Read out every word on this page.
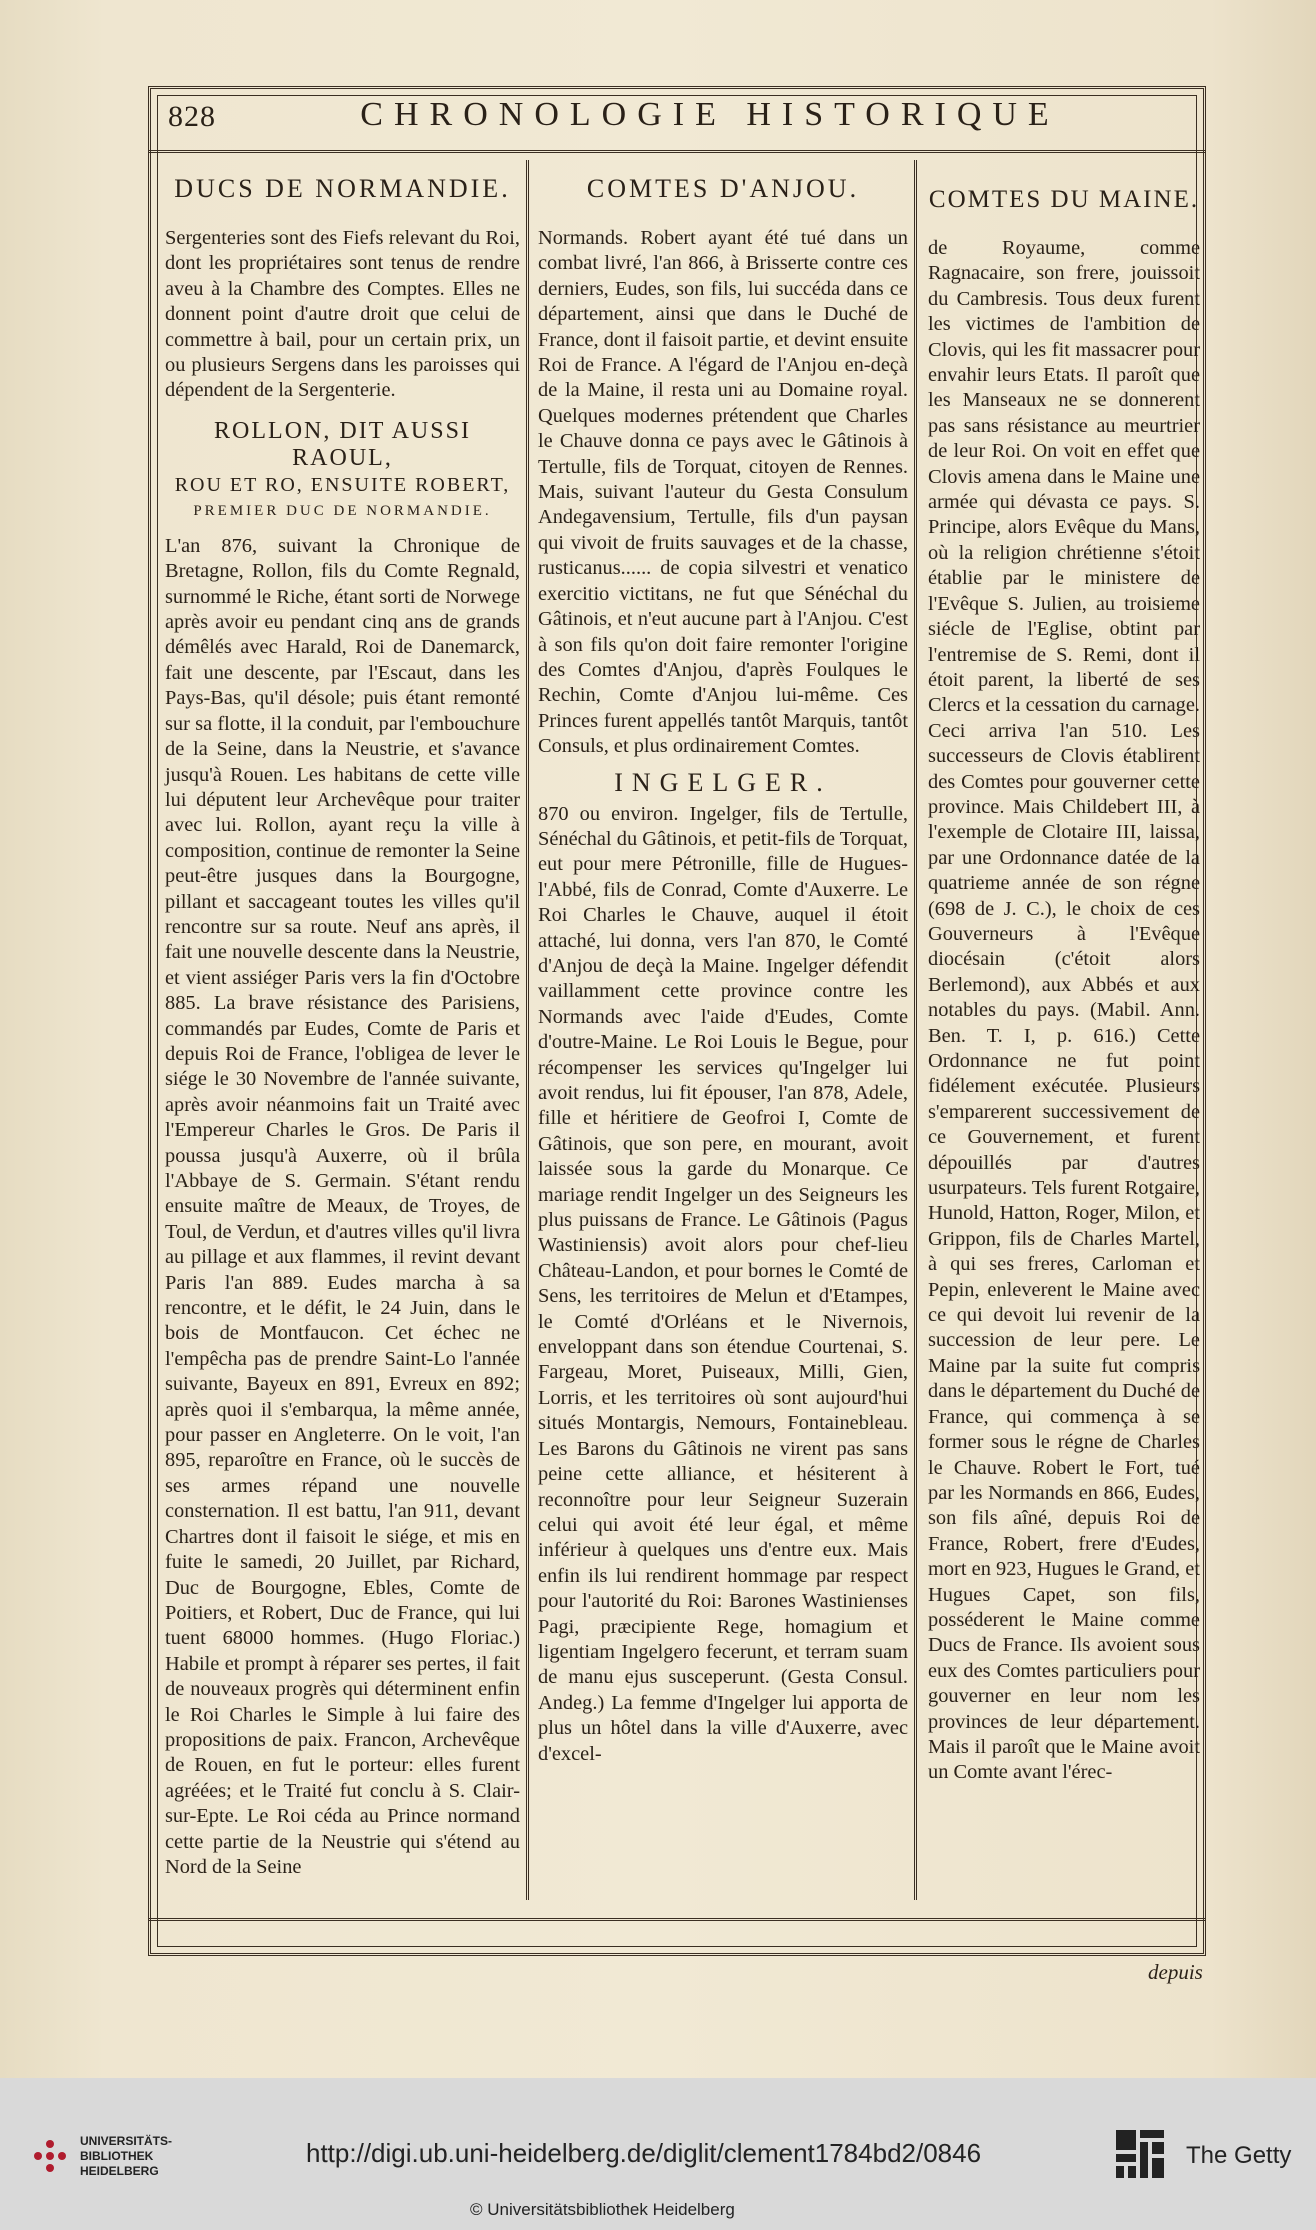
828	CHRONOLOGIE HISTORIQUE
DUCS DE NORMANDIE.

Sergenteries sont des Fiefs relevant du Roi, dont les propriétaires sont tenus de rendre aveu à la Chambre des Comptes. Elles ne donnent point d'autre droit que celui de commettre à bail, pour un certain prix, un ou plusieurs Sergens dans les paroisses qui dépendent de la Sergenterie.

ROLLON, DIT AUSSI RAOUL,
ROU ET RO, ENSUITE ROBERT,
PREMIER DUC DE NORMANDIE.

L'an 876, suivant la Chronique de Bretagne, Rollon, fils du Comte Regnald, surnommé le Riche, étant sorti de Norwege après avoir eu pendant cinq ans de grands démêlés avec Harald, Roi de Danemarck, fait une descente, par l'Escaut, dans les Pays-Bas, qu'il désole; puis étant remonté sur sa flotte, il la conduit, par l'embouchure de la Seine, dans la Neustrie, et s'avance jusqu'à Rouen. Les habitans de cette ville lui députent leur Archevêque pour traiter avec lui. Rollon, ayant reçu la ville à composition, continue de remonter la Seine peut-être jusques dans la Bourgogne, pillant et saccageant toutes les villes qu'il rencontre sur sa route. Neuf ans après, il fait une nouvelle descente dans la Neustrie, et vient assiéger Paris vers la fin d'Octobre 885. La brave résistance des Parisiens, commandés par Eudes, Comte de Paris et depuis Roi de France, l'obligea de lever le siége le 30 Novembre de l'année suivante, après avoir néanmoins fait un Traité avec l'Empereur Charles le Gros. De Paris il poussa jusqu'à Auxerre, où il brûla l'Abbaye de S. Germain. S'étant rendu ensuite maître de Meaux, de Troyes, de Toul, de Verdun, et d'autres villes qu'il livra au pillage et aux flammes, il revint devant Paris l'an 889. Eudes marcha à sa rencontre, et le défit, le 24 Juin, dans le bois de Montfaucon. Cet échec ne l'empêcha pas de prendre Saint-Lo l'année suivante, Bayeux en 891, Evreux en 892; après quoi il s'embarqua, la même année, pour passer en Angleterre. On le voit, l'an 895, reparoître en France, où le succès de ses armes répand une nouvelle consternation. Il est battu, l'an 911, devant Chartres dont il faisoit le siége, et mis en fuite le samedi, 20 Juillet, par Richard, Duc de Bourgogne, Ebles, Comte de Poitiers, et Robert, Duc de France, qui lui tuent 68000 hommes. (Hugo Floriac.) Habile et prompt à réparer ses pertes, il fait de nouveaux progrès qui déterminent enfin le Roi Charles le Simple à lui faire des propositions de paix. Francon, Archevêque de Rouen, en fut le porteur: elles furent agréées; et le Traité fut conclu à S. Clair-sur-Epte. Le Roi céda au Prince normand cette partie de la Neustrie qui s'étend au Nord de la Seine

COMTES D'ANJOU.

Normands. Robert ayant été tué dans un combat livré, l'an 866, à Brisserte contre ces derniers, Eudes, son fils, lui succéda dans ce département, ainsi que dans le Duché de France, dont il faisoit partie, et devint ensuite Roi de France. A l'égard de l'Anjou en-deçà de la Maine, il resta uni au Domaine royal. Quelques modernes prétendent que Charles le Chauve donna ce pays avec le Gâtinois à Tertulle, fils de Torquat, citoyen de Rennes. Mais, suivant l'auteur du Gesta Consulum Andegavensium, Tertulle, fils d'un paysan qui vivoit de fruits sauvages et de la chasse, rusticanus...... de copia silvestri et venatico exercitio victitans, ne fut que Sénéchal du Gâtinois, et n'eut aucune part à l'Anjou. C'est à son fils qu'on doit faire remonter l'origine des Comtes d'Anjou, d'après Foulques le Rechin, Comte d'Anjou lui-même. Ces Princes furent appellés tantôt Marquis, tantôt Consuls, et plus ordinairement Comtes.

INGELGER.

870 ou environ. Ingelger, fils de Tertulle, Sénéchal du Gâtinois, et petit-fils de Torquat, eut pour mere Pétronille, fille de Hugues-l'Abbé, fils de Conrad, Comte d'Auxerre. Le Roi Charles le Chauve, auquel il étoit attaché, lui donna, vers l'an 870, le Comté d'Anjou de deçà la Maine. Ingelger défendit vaillamment cette province contre les Normands avec l'aide d'Eudes, Comte d'outre-Maine. Le Roi Louis le Begue, pour récompenser les services qu'Ingelger lui avoit rendus, lui fit épouser, l'an 878, Adele, fille et héritiere de Geofroi I, Comte de Gâtinois, que son pere, en mourant, avoit laissée sous la garde du Monarque. Ce mariage rendit Ingelger un des Seigneurs les plus puissans de France. Le Gâtinois (Pagus Wastiniensis) avoit alors pour chef-lieu Château-Landon, et pour bornes le Comté de Sens, les territoires de Melun et d'Etampes, le Comté d'Orléans et le Nivernois, enveloppant dans son étendue Courtenai, S. Fargeau, Moret, Puiseaux, Milli, Gien, Lorris, et les territoires où sont aujourd'hui situés Montargis, Nemours, Fontainebleau. Les Barons du Gâtinois ne virent pas sans peine cette alliance, et hésiterent à reconnoître pour leur Seigneur Suzerain celui qui avoit été leur égal, et même inférieur à quelques uns d'entre eux. Mais enfin ils lui rendirent hommage par respect pour l'autorité du Roi: Barones Wastinienses Pagi, præcipiente Rege, homagium et ligentiam Ingelgero fecerunt, et terram suam de manu ejus susceperunt. (Gesta Consul. Andeg.) La femme d'Ingelger lui apporta de plus un hôtel dans la ville d'Auxerre, avec d'excel-

COMTES DU MAINE.

de Royaume, comme Ragnacaire, son frere, jouissoit du Cambresis. Tous deux furent les victimes de l'ambition de Clovis, qui les fit massacrer pour envahir leurs Etats. Il paroît que les Manseaux ne se donnerent pas sans résistance au meurtrier de leur Roi. On voit en effet que Clovis amena dans le Maine une armée qui dévasta ce pays. S. Principe, alors Evêque du Mans, où la religion chrétienne s'étoit établie par le ministere de l'Evêque S. Julien, au troisieme siécle de l'Eglise, obtint par l'entremise de S. Remi, dont il étoit parent, la liberté de ses Clercs et la cessation du carnage. Ceci arriva l'an 510. Les successeurs de Clovis établirent des Comtes pour gouverner cette province. Mais Childebert III, à l'exemple de Clotaire III, laissa, par une Ordonnance datée de la quatrieme année de son régne (698 de J. C.), le choix de ces Gouverneurs à l'Evêque diocésain (c'étoit alors Berlemond), aux Abbés et aux notables du pays. (Mabil. Ann. Ben. T. I, p. 616.) Cette Ordonnance ne fut point fidélement exécutée. Plusieurs s'emparerent successivement de ce Gouvernement, et furent dépouillés par d'autres usurpateurs. Tels furent Rotgaire, Hunold, Hatton, Roger, Milon, et Grippon, fils de Charles Martel, à qui ses freres, Carloman et Pepin, enleverent le Maine avec ce qui devoit lui revenir de la succession de leur pere. Le Maine par la suite fut compris dans le département du Duché de France, qui commença à se former sous le régne de Charles le Chauve. Robert le Fort, tué par les Normands en 866, Eudes, son fils aîné, depuis Roi de France, Robert, frere d'Eudes, mort en 923, Hugues le Grand, et Hugues Capet, son fils, posséderent le Maine comme Ducs de France. Ils avoient sous eux des Comtes particuliers pour gouverner en leur nom les provinces de leur département. Mais il paroît que le Maine avoit un Comte avant l'érec-

depuis
UNIVERSITÄTS-
BIBLIOTHEK
HEIDELBERG
http://digi.ub.uni-heidelberg.de/diglit/clement1784bd2/0846
© Universitätsbibliothek Heidelberg
The Getty
